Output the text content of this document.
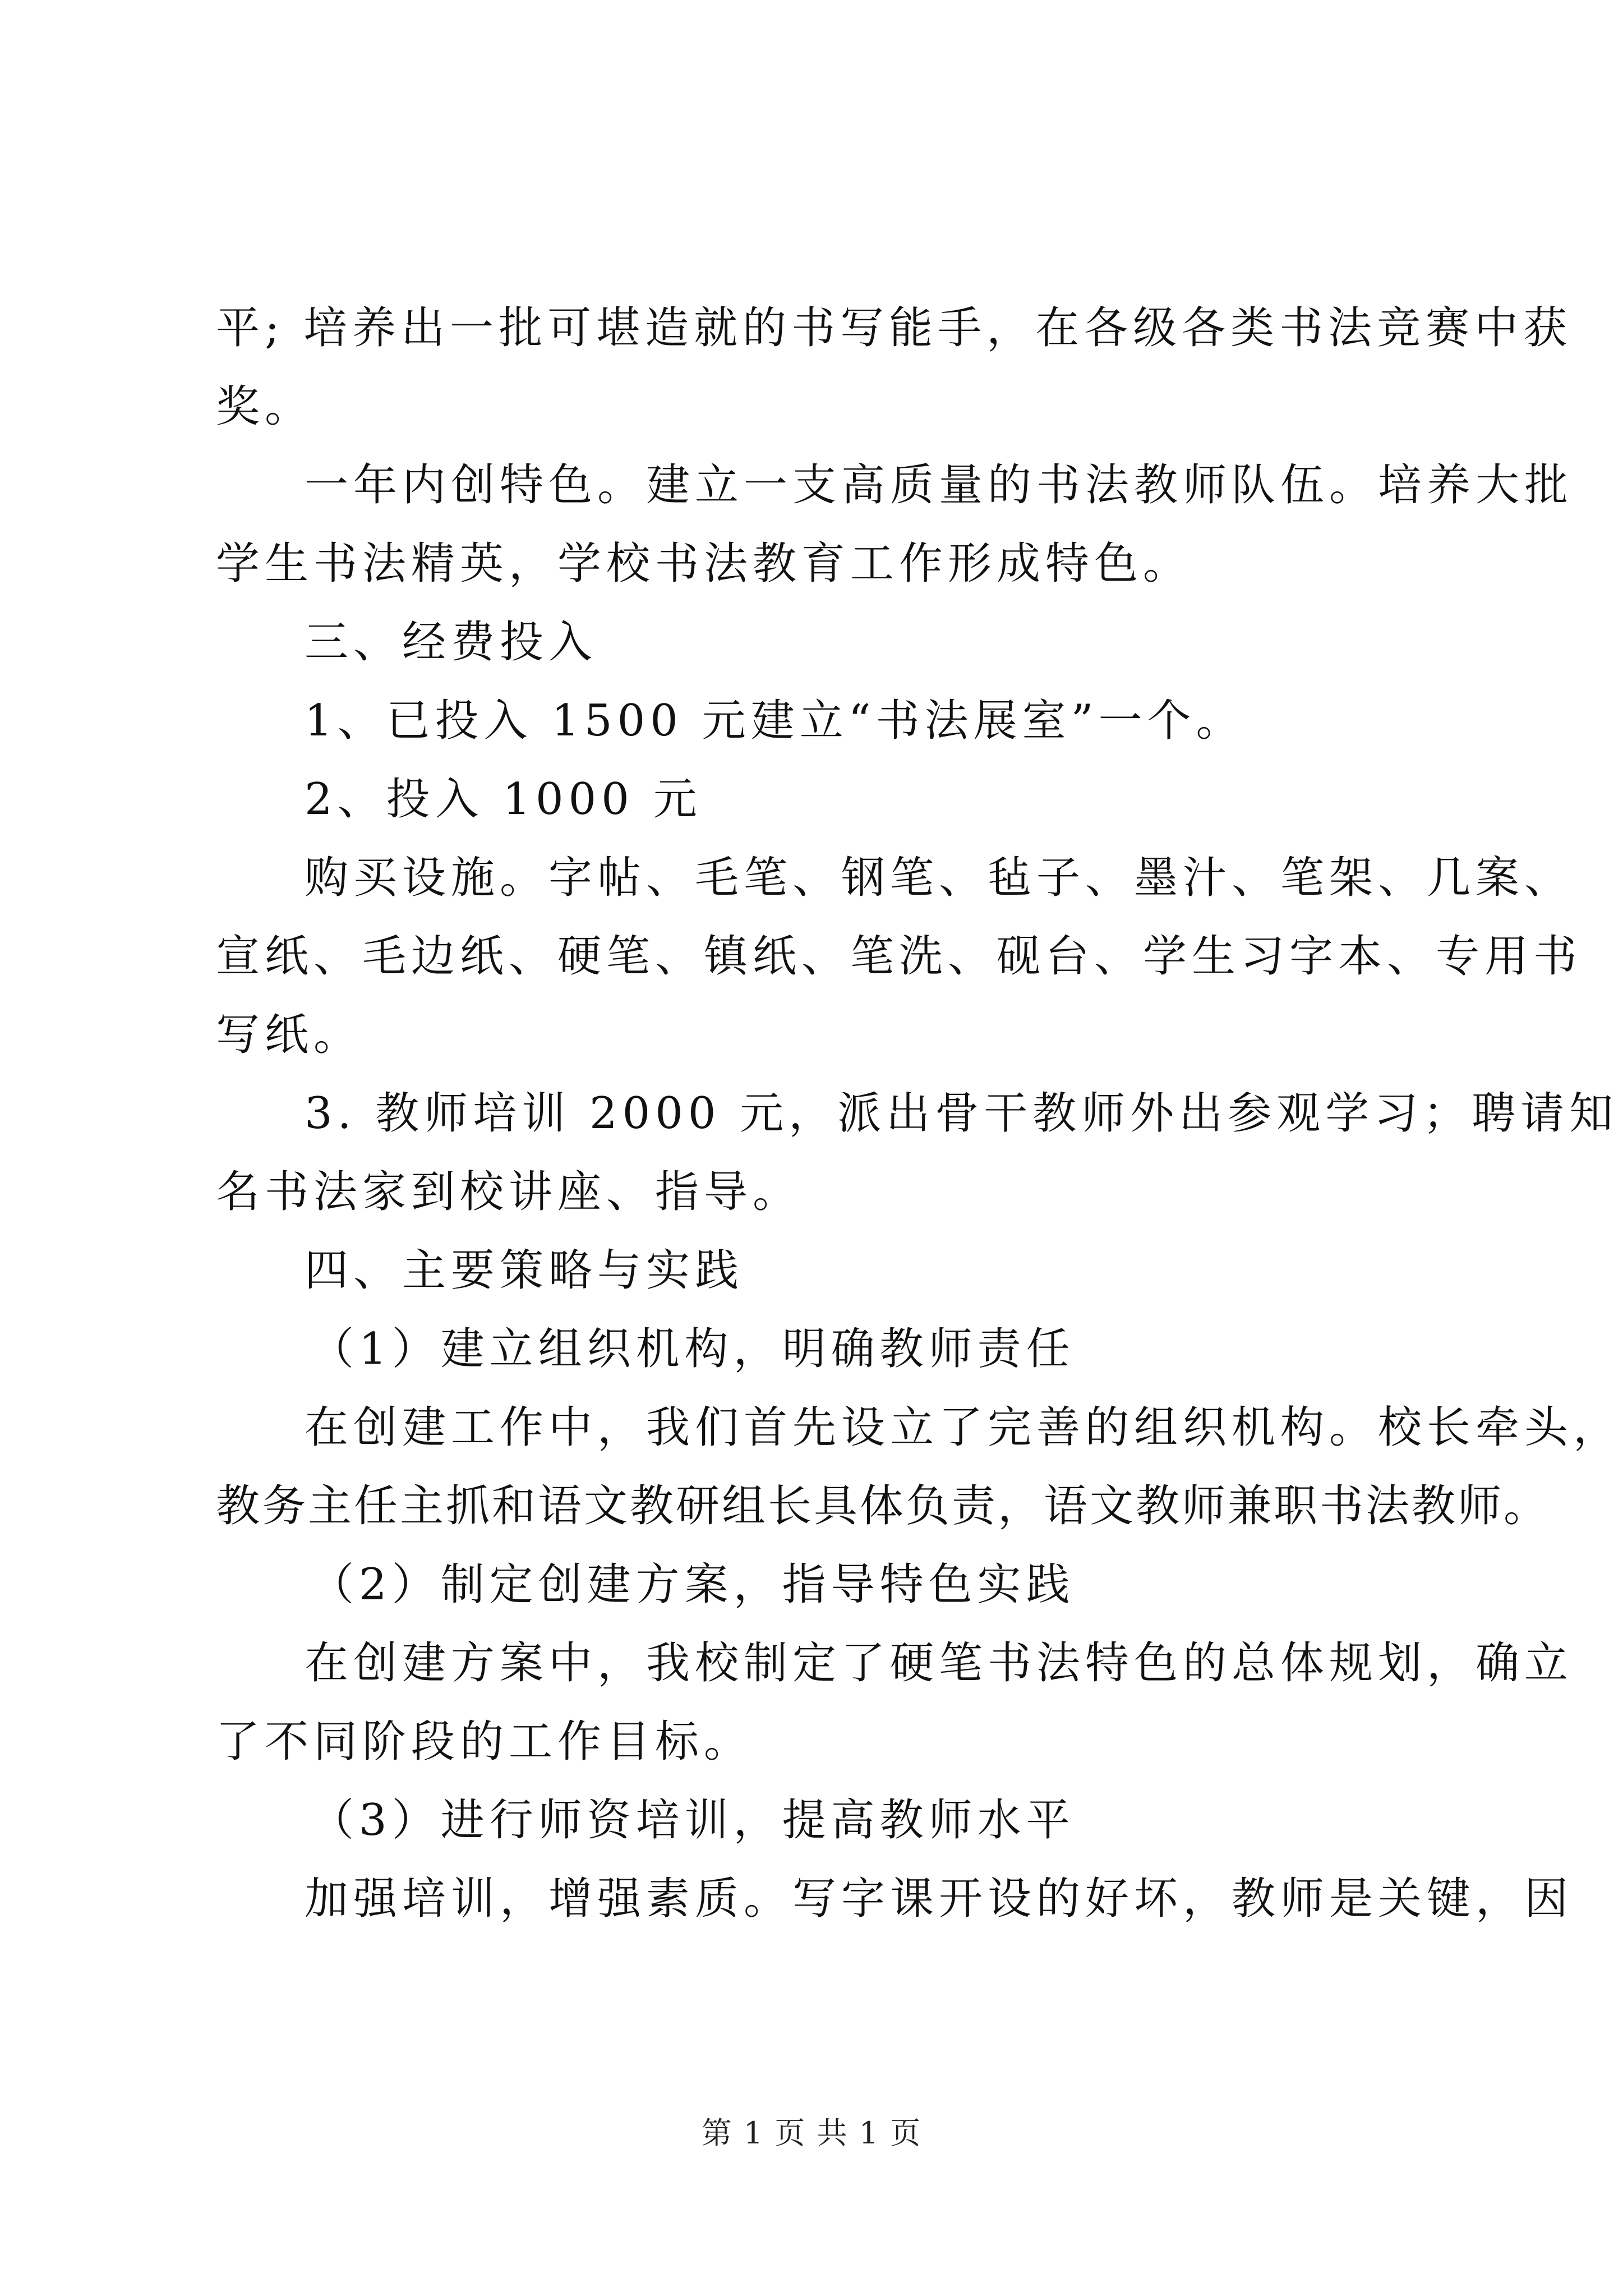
平; 培养出一批可堪造就的书写能手，在各级各类书法竞赛中获
奖。
一年内创特色。建立一支高质量的书法教师队伍。培养大批
学生书法精英，学校书法教育工作形成特色。
三、经费投入
1、已投入 1500 元建立“书法展室”一个。
2、投入 1000 元
购买设施。字帖、毛笔、钢笔、毡子、墨汁、笔架、几案、
宣纸、毛边纸、硬笔、镇纸、笔洗、砚台、学生习字本、专用书
写纸。
3. 教师培训 2000 元，派出骨干教师外出参观学习；聘请知
名书法家到校讲座、指导。
四、主要策略与实践
（1）建立组织机构，明确教师责任
在创建工作中，我们首先设立了完善的组织机构。校长牵头，
教务主任主抓和语文教研组长具体负责，语文教师兼职书法教师。
（2）制定创建方案，指导特色实践
在创建方案中，我校制定了硬笔书法特色的总体规划，确立
了不同阶段的工作目标。
（3）进行师资培训，提高教师水平
加强培训，增强素质。写字课开设的好坏，教师是关键，因
第 1 页 共 1 页
